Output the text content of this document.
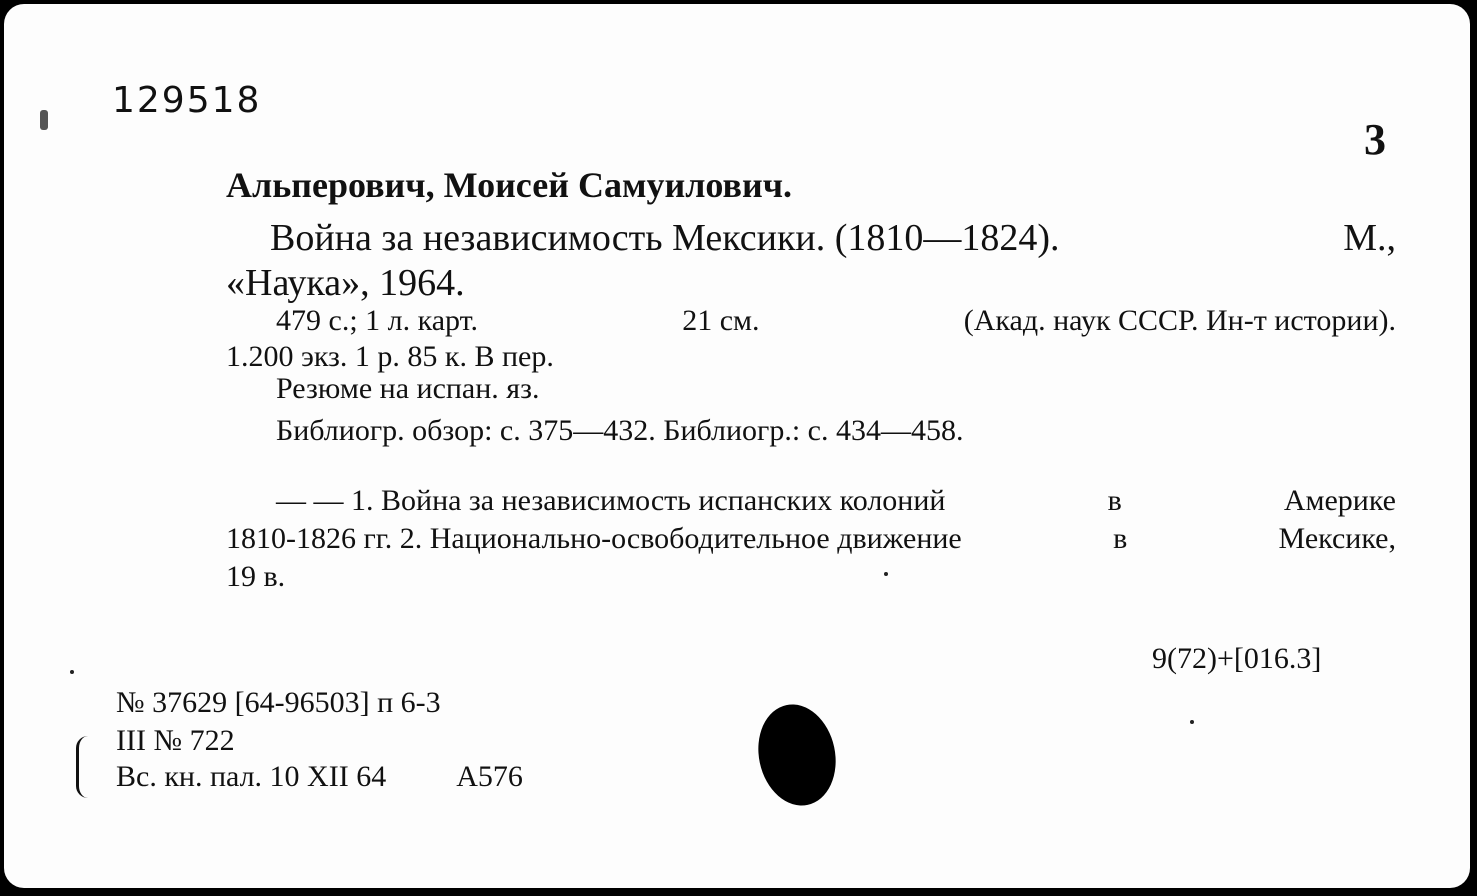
129518
3
Альперович, Моисей Самуилович.
Война за независимость Мексики. (1810—1824).	М.,
«Наука», 1964.
479 с.; 1 л. карт.	21 см.	(Акад. наук СССР. Ин-т истории).
1.200 экз. 1 р. 85 к. В пер.
Резюме на испан. яз.
Библиогр. обзор: с. 375—432. Библиогр.: с. 434—458.
— — 1. Война за независимость испанских колоний	в	Америке
1810-1826 гг. 2. Национально-освободительное движение	в	Мексике,
19 в.
9(72)+[016.3]
№ 37629 [64-96503] п 6-3
III № 722
Вс. кн. пал. 10 XII 64 А576
